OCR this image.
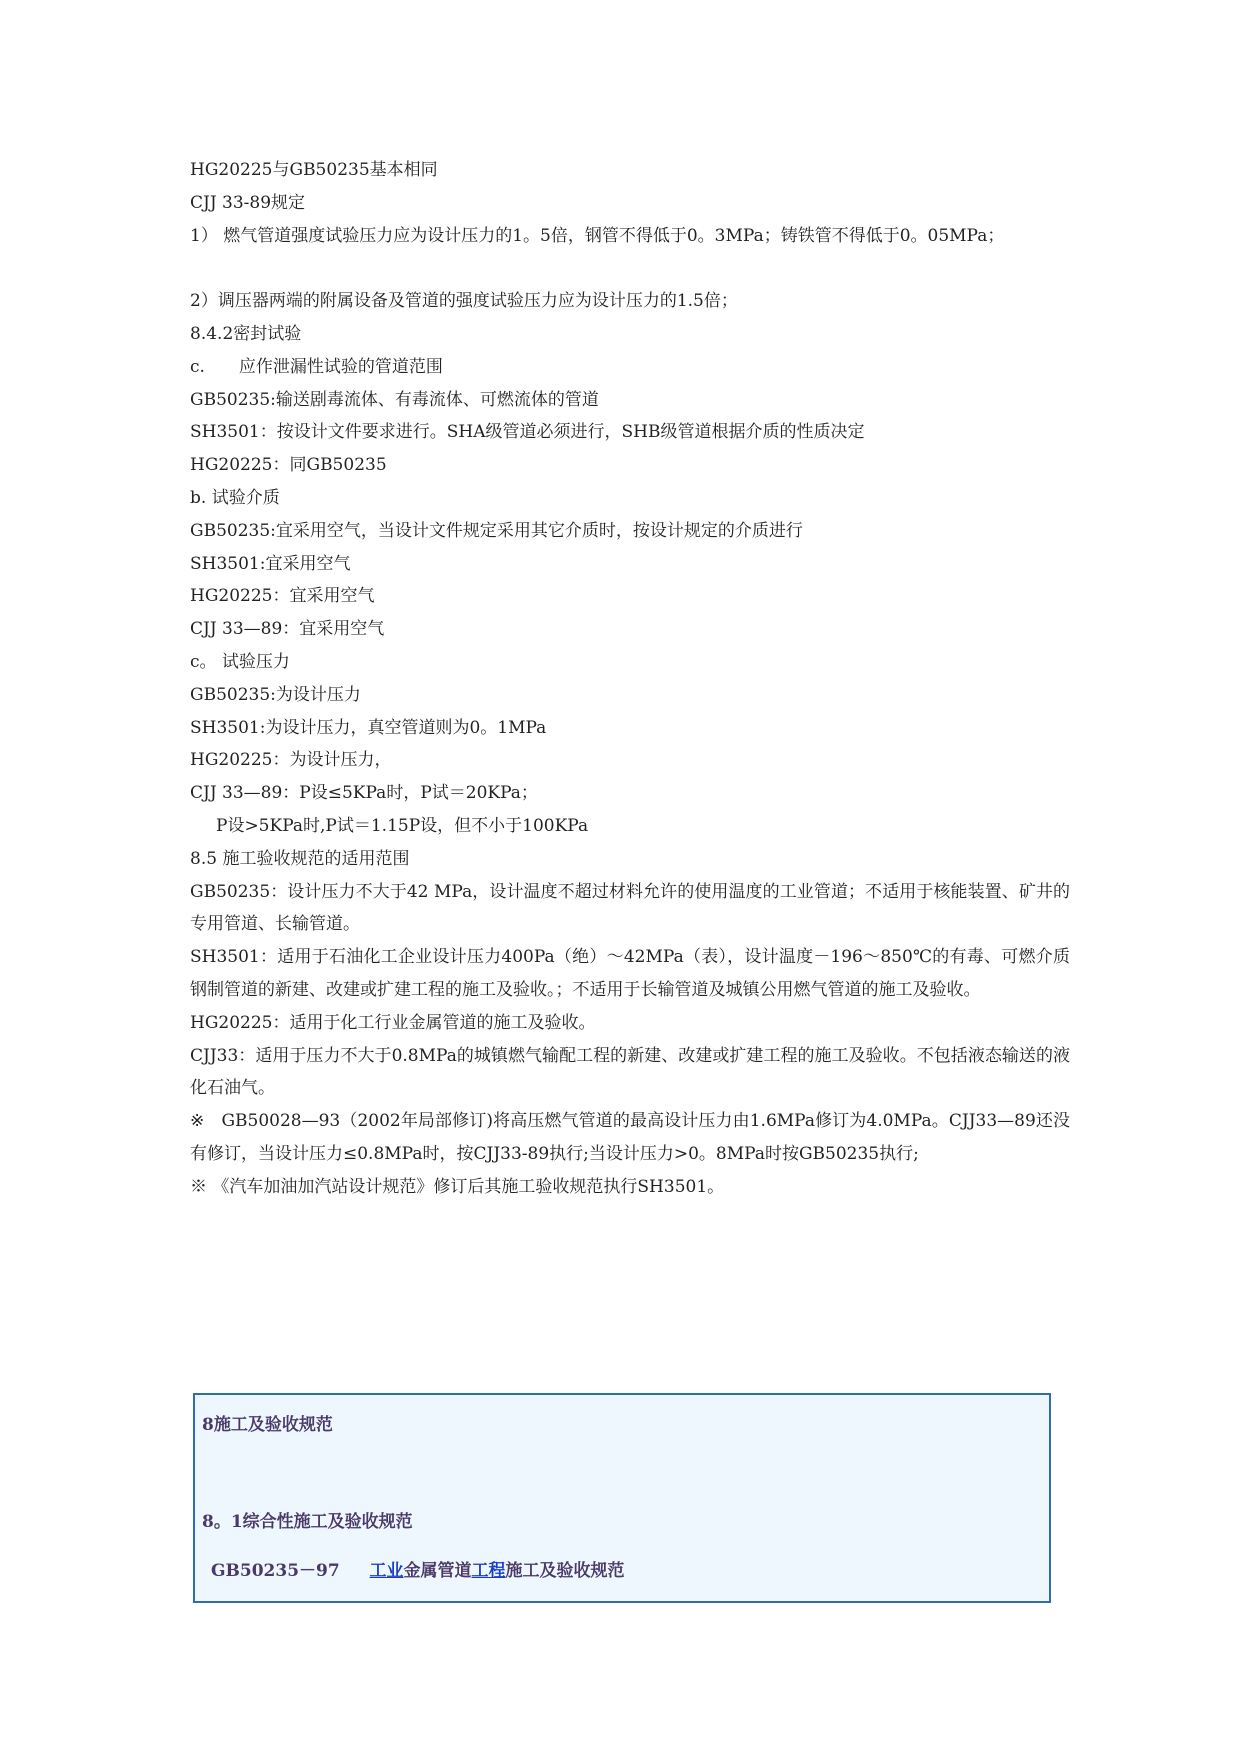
HG20225与GB50235基本相同

CJJ 33-89规定

1） 燃气管道强度试验压力应为设计压力的1。5倍，钢管不得低于0。3MPa；铸铁管不得低于0。05MPa；

2）调压器两端的附属设备及管道的强度试验压力应为设计压力的1.5倍；

8.4.2密封试验

c.　　应作泄漏性试验的管道范围

GB50235:输送剧毒流体、有毒流体、可燃流体的管道

SH3501：按设计文件要求进行。SHA级管道必须进行，SHB级管道根据介质的性质决定

HG20225：同GB50235

b. 试验介质

GB50235:宜采用空气，当设计文件规定采用其它介质时，按设计规定的介质进行

SH3501:宜采用空气

HG20225：宜采用空气

CJJ 33—89：宜采用空气

c。 试验压力

GB50235:为设计压力

SH3501:为设计压力，真空管道则为0。1MPa

HG20225：为设计压力，

CJJ 33—89：P设≤5KPa时，P试＝20KPa；

P设>5KPa时,P试＝1.15P设，但不小于100KPa

8.5 施工验收规范的适用范围

GB50235：设计压力不大于42 MPa，设计温度不超过材料允许的使用温度的工业管道；不适用于核能装置、矿井的专用管道、长输管道。

SH3501：适用于石油化工企业设计压力400Pa（绝）～42MPa（表），设计温度－196～850℃的有毒、可燃介质钢制管道的新建、改建或扩建工程的施工及验收。；不适用于长输管道及城镇公用燃气管道的施工及验收。

HG20225：适用于化工行业金属管道的施工及验收。

CJJ33：适用于压力不大于0.8MPa的城镇燃气输配工程的新建、改建或扩建工程的施工及验收。不包括液态输送的液化石油气。

※　GB50028—93（2002年局部修订)将高压燃气管道的最高设计压力由1.6MPa修订为4.0MPa。CJJ33—89还没有修订，当设计压力≤0.8MPa时，按CJJ33-89执行;当设计压力>0。8MPa时按GB50235执行;

※ 《汽车加油加汽站设计规范》修订后其施工验收规范执行SH3501。

8施工及验收规范
8。1综合性施工及验收规范
GB50235－97 工业金属管道工程施工及验收规范
